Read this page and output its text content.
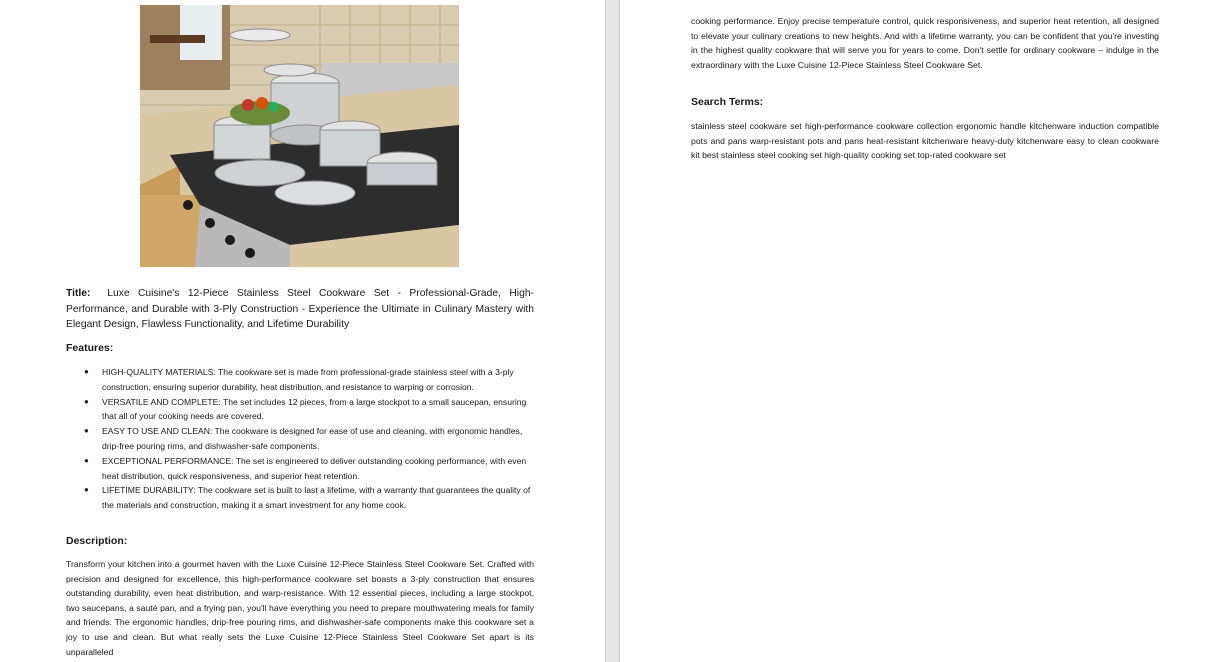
Title: Luxe Cuisine's 12-Piece Stainless Steel Cookware Set - Professional-Grade, High-Performance, and Durable with 3-Ply Construction - Experience the Ultimate in Culinary Mastery with Elegant Design, Flawless Functionality, and Lifetime Durability
Features:
● HIGH-QUALITY MATERIALS: The cookware set is made from professional-grade stainless steel with a 3-ply construction, ensuring superior durability, heat distribution, and resistance to warping or corrosion.
● VERSATILE AND COMPLETE: The set includes 12 pieces, from a large stockpot to a small saucepan, ensuring that all of your cooking needs are covered.
● EASY TO USE AND CLEAN: The cookware is designed for ease of use and cleaning, with ergonomic handles, drip-free pouring rims, and dishwasher-safe components.
● EXCEPTIONAL PERFORMANCE: The set is engineered to deliver outstanding cooking performance, with even heat distribution, quick responsiveness, and superior heat retention.
● LIFETIME DURABILITY: The cookware set is built to last a lifetime, with a warranty that guarantees the quality of the materials and construction, making it a smart investment for any home cook.
Description:
Transform your kitchen into a gourmet haven with the Luxe Cuisine 12-Piece Stainless Steel Cookware Set. Crafted with precision and designed for excellence, this high-performance cookware set boasts a 3-ply construction that ensures outstanding durability, even heat distribution, and warp-resistance. With 12 essential pieces, including a large stockpot, two saucepans, a sauté pan, and a frying pan, you'll have everything you need to prepare mouthwatering meals for family and friends. The ergonomic handles, drip-free pouring rims, and dishwasher-safe components make this cookware set a joy to use and clean. But what really sets the Luxe Cuisine 12-Piece Stainless Steel Cookware Set apart is its unparalleled
cooking performance. Enjoy precise temperature control, quick responsiveness, and superior heat retention, all designed to elevate your culinary creations to new heights. And with a lifetime warranty, you can be confident that you're investing in the highest quality cookware that will serve you for years to come. Don't settle for ordinary cookware – indulge in the extraordinary with the Luxe Cuisine 12-Piece Stainless Steel Cookware Set.
Search Terms:
stainless steel cookware set high-performance cookware collection ergonomic handle kitchenware induction compatible pots and pans warp-resistant pots and pans heat-resistant kitchenware heavy-duty kitchenware easy to clean cookware kit best stainless steel cooking set high-quality cooking set top-rated cookware set
